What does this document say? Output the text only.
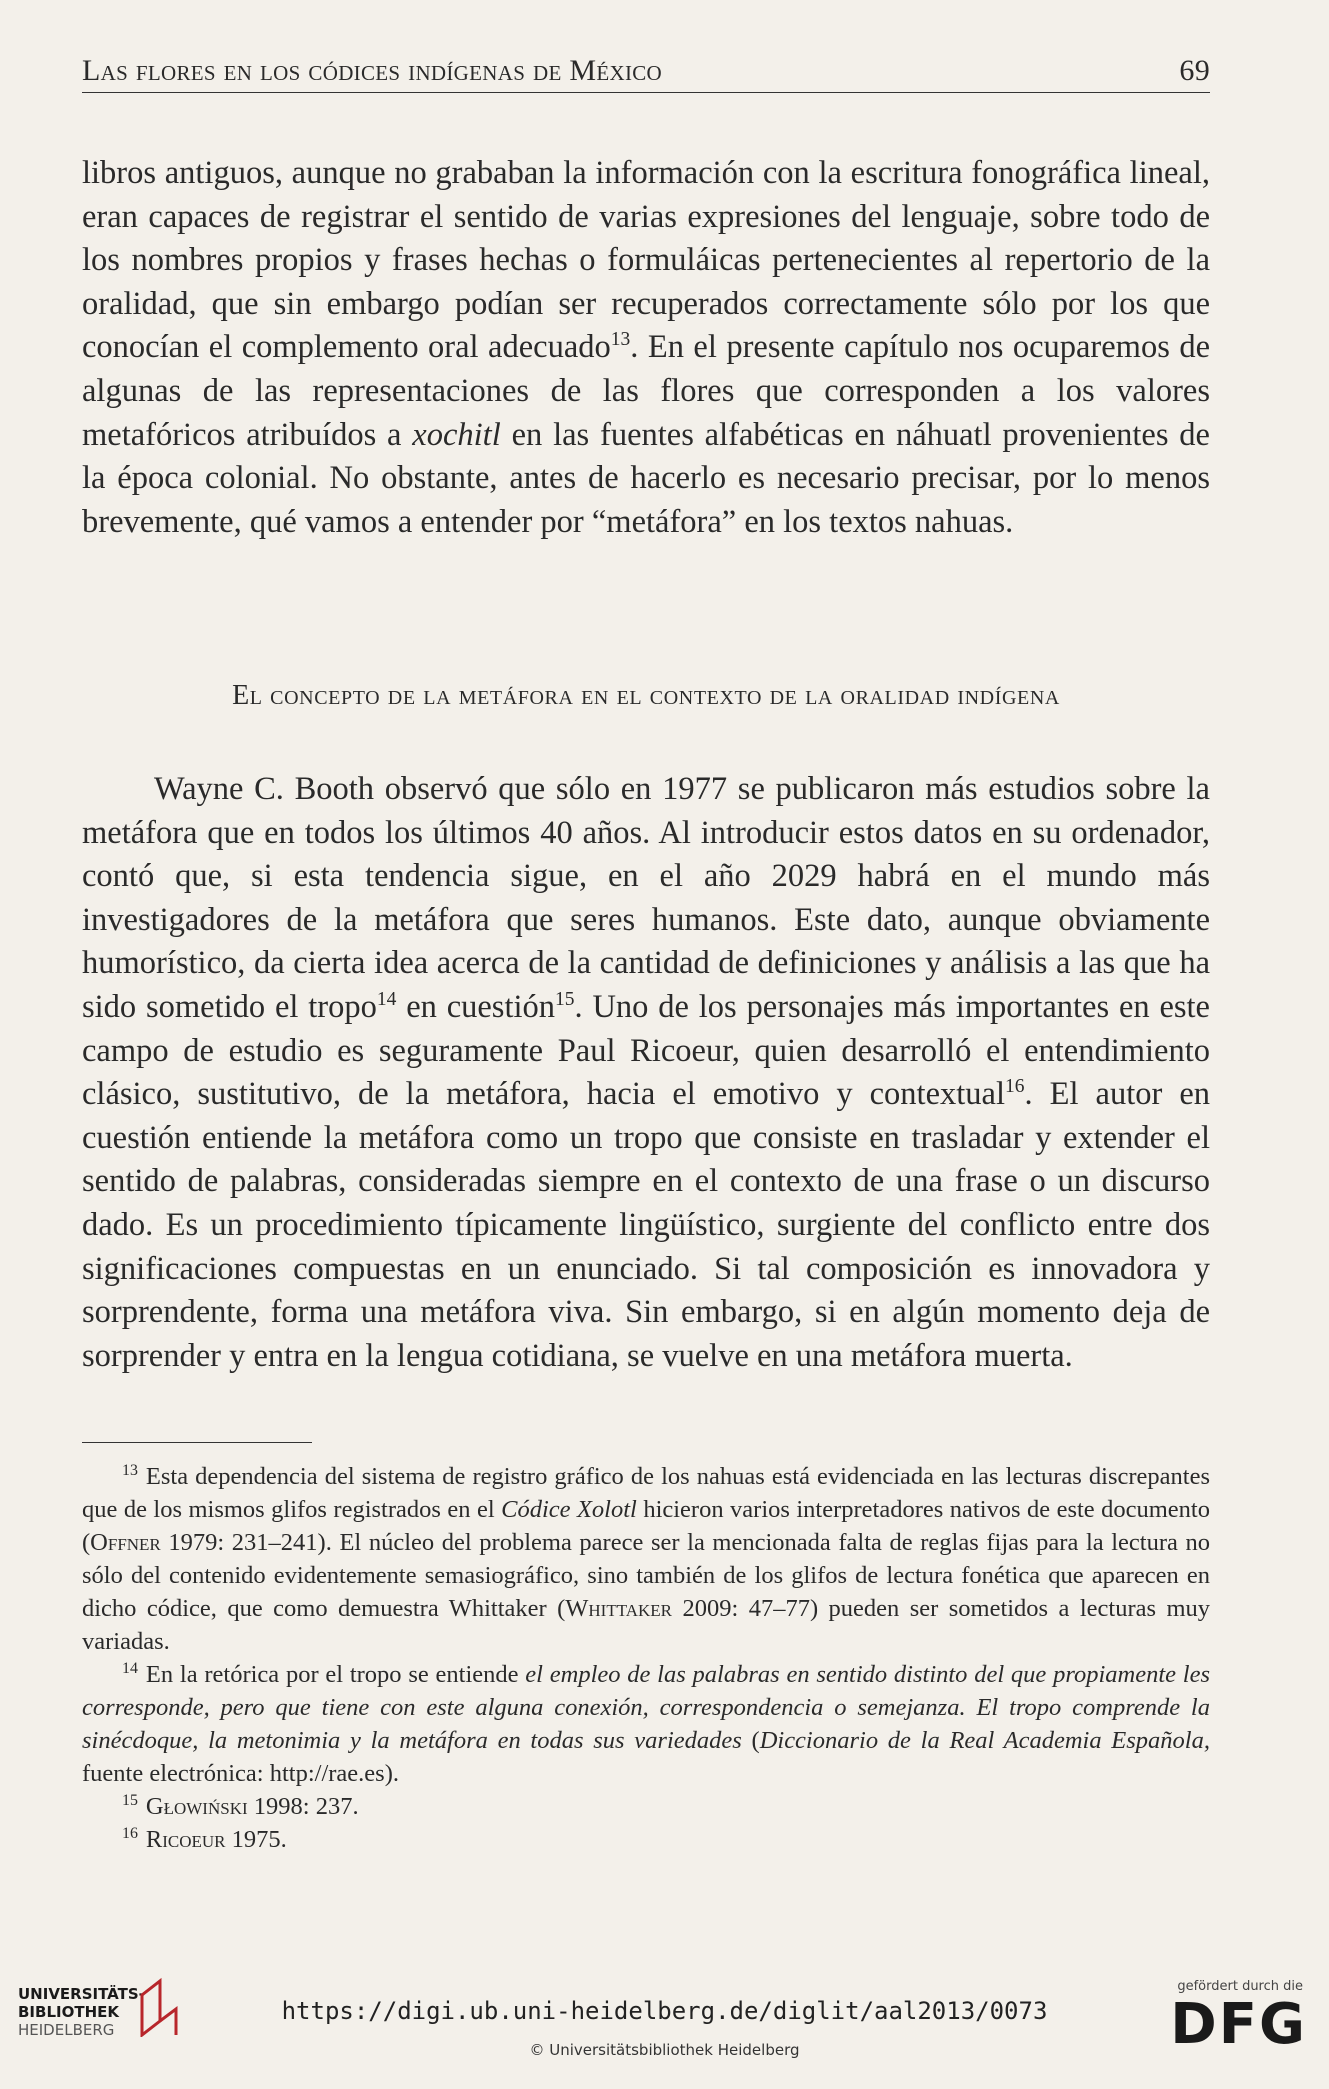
Las flores en los códices indígenas de México	69

libros antiguos, aunque no grababan la información con la escritura fonográfica lineal, eran capaces de registrar el sentido de varias expresiones del lenguaje, sobre todo de los nombres propios y frases hechas o formuláicas pertenecientes al repertorio de la oralidad, que sin embargo podían ser recuperados correctamente sólo por los que conocían el complemento oral adecuado$^{13}$. En el presente capítulo nos ocuparemos de algunas de las representaciones de las flores que corresponden a los valores metafóricos atribuídos a xochitl en las fuentes alfabéticas en náhuatl provenientes de la época colonial. No obstante, antes de hacerlo es necesario precisar, por lo menos brevemente, qué vamos a entender por “metáfora” en los textos nahuas.

El concepto de la metáfora en el contexto de la oralidad indígena

Wayne C. Booth observó que sólo en 1977 se publicaron más estudios sobre la metáfora que en todos los últimos 40 años. Al introducir estos datos en su ordenador, contó que, si esta tendencia sigue, en el año 2029 habrá en el mundo más investigadores de la metáfora que seres humanos. Este dato, aunque obviamente humorístico, da cierta idea acerca de la cantidad de definiciones y análisis a las que ha sido sometido el tropo$^{14}$ en cuestión$^{15}$. Uno de los personajes más importantes en este campo de estudio es seguramente Paul Ricoeur, quien desarrolló el entendimiento clásico, sustitutivo, de la metáfora, hacia el emotivo y contextual$^{16}$. El autor en cuestión entiende la metáfora como un tropo que consiste en trasladar y extender el sentido de palabras, consideradas siempre en el contexto de una frase o un discurso dado. Es un procedimiento típicamente lingüístico, surgiente del conflicto entre dos significaciones compuestas en un enunciado. Si tal composición es innovadora y sorprendente, forma una metáfora viva. Sin embargo, si en algún momento deja de sorprender y entra en la lengua cotidiana, se vuelve en una metáfora muerta.

$^{13}$ Esta dependencia del sistema de registro gráfico de los nahuas está evidenciada en las lecturas discrepantes que de los mismos glifos registrados en el Códice Xolotl hicieron varios interpretadores nativos de este documento (Offner 1979: 231–241). El núcleo del problema parece ser la mencionada falta de reglas fijas para la lectura no sólo del contenido evidentemente semasiográfico, sino también de los glifos de lectura fonética que aparecen en dicho códice, que como demuestra Whittaker (Whittaker 2009: 47–77) pueden ser sometidos a lecturas muy variadas.

$^{14}$ En la retórica por el tropo se entiende el empleo de las palabras en sentido distinto del que propiamente les corresponde, pero que tiene con este alguna conexión, correspondencia o semejanza. El tropo comprende la sinécdoque, la metonimia y la metáfora en todas sus variedades (Diccionario de la Real Academia Española, fuente electrónica: http://rae.es).

$^{15}$ Głowiński 1998: 237.

$^{16}$ Ricoeur 1975.

UNIVERSITÄTS-
BIBLIOTHEK
HEIDELBERG
https://digi.ub.uni-heidelberg.de/diglit/aal2013/0073
© Universitätsbibliothek Heidelberg
gefördert durch die
DFG
